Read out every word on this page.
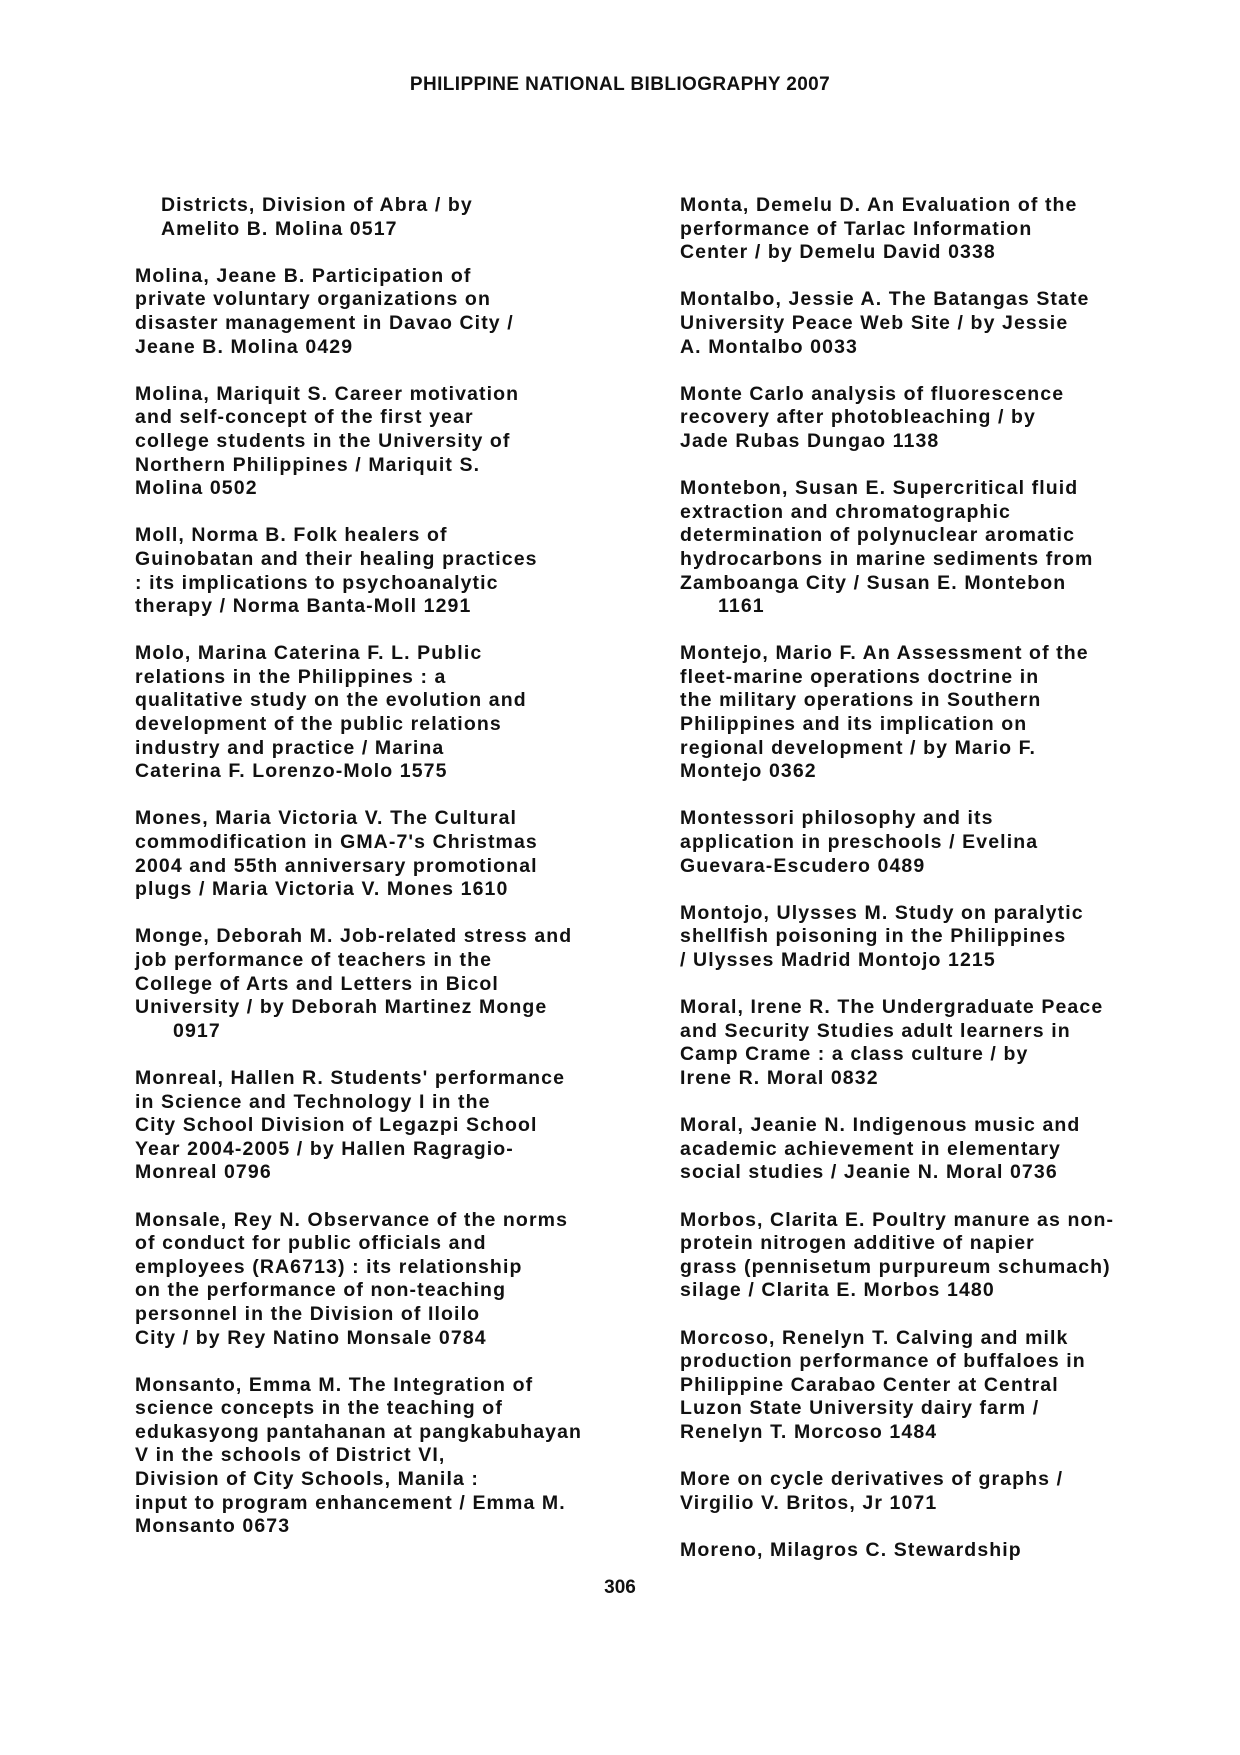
PHILIPPINE NATIONAL BIBLIOGRAPHY 2007
Districts, Division of Abra / by
Amelito B. Molina 0517
Molina, Jeane B. Participation of
private voluntary organizations on
disaster management in Davao City /
Jeane B. Molina 0429
Molina, Mariquit S. Career motivation
and self-concept of the first year
college students in the University of
Northern Philippines / Mariquit S.
Molina 0502
Moll, Norma B. Folk healers of
Guinobatan and their healing practices
: its implications to psychoanalytic
therapy / Norma Banta-Moll 1291
Molo, Marina Caterina F. L. Public
relations in the Philippines : a
qualitative study on the evolution and
development of the public relations
industry and practice / Marina
Caterina F. Lorenzo-Molo 1575
Mones, Maria Victoria V. The Cultural
commodification in GMA-7's Christmas
2004 and 55th anniversary promotional
plugs / Maria Victoria V. Mones 1610
Monge, Deborah M. Job-related stress and
job performance of teachers in the
College of Arts and Letters in Bicol
University / by Deborah Martinez Monge
0917
Monreal, Hallen R. Students' performance
in Science and Technology I in the
City School Division of Legazpi School
Year 2004-2005 / by Hallen Ragragio-
Monreal 0796
Monsale, Rey N. Observance of the norms
of conduct for public officials and
employees (RA6713) : its relationship
on the performance of non-teaching
personnel in the Division of Iloilo
City / by Rey Natino Monsale 0784
Monsanto, Emma M. The Integration of
science concepts in the teaching of
edukasyong pantahanan at pangkabuhayan
V in the schools of District VI,
Division of City Schools, Manila :
input to program enhancement / Emma M.
Monsanto 0673
Monta, Demelu D. An Evaluation of the
performance of Tarlac Information
Center / by Demelu David 0338
Montalbo, Jessie A. The Batangas State
University Peace Web Site / by Jessie
A. Montalbo 0033
Monte Carlo analysis of fluorescence
recovery after photobleaching / by
Jade Rubas Dungao 1138
Montebon, Susan E. Supercritical fluid
extraction and chromatographic
determination of polynuclear aromatic
hydrocarbons in marine sediments from
Zamboanga City / Susan E. Montebon
1161
Montejo, Mario F. An Assessment of the
fleet-marine operations doctrine in
the military operations in Southern
Philippines and its implication on
regional development / by Mario F.
Montejo 0362
Montessori philosophy and its
application in preschools / Evelina
Guevara-Escudero 0489
Montojo, Ulysses M. Study on paralytic
shellfish poisoning in the Philippines
/ Ulysses Madrid Montojo 1215
Moral, Irene R. The Undergraduate Peace
and Security Studies adult learners in
Camp Crame : a class culture / by
Irene R. Moral 0832
Moral, Jeanie N. Indigenous music and
academic achievement in elementary
social studies / Jeanie N. Moral 0736
Morbos, Clarita E. Poultry manure as non-
protein nitrogen additive of napier
grass (pennisetum purpureum schumach)
silage / Clarita E. Morbos 1480
Morcoso, Renelyn T. Calving and milk
production performance of buffaloes in
Philippine Carabao Center at Central
Luzon State University dairy farm /
Renelyn T. Morcoso 1484
More on cycle derivatives of graphs /
Virgilio V. Britos, Jr 1071
Moreno, Milagros C. Stewardship
306
